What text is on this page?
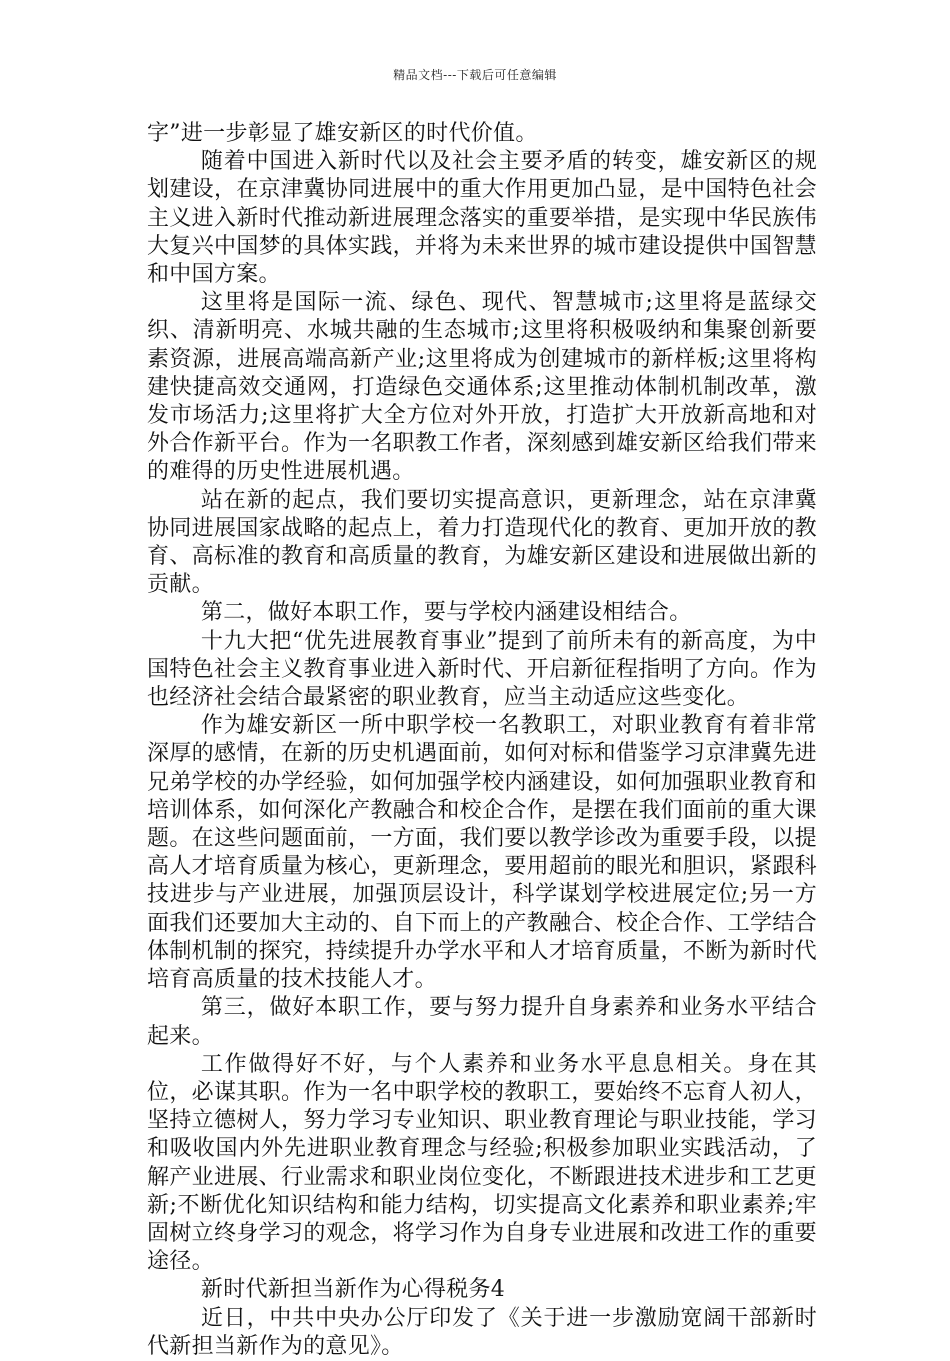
精品文档---下载后可任意编辑

字”进一步彰显了雄安新区的时代价值。

随着中国进入新时代以及社会主要矛盾的转变，雄安新区的规划建设，在京津冀协同进展中的重大作用更加凸显，是中国特色社会主义进入新时代推动新进展理念落实的重要举措，是实现中华民族伟大复兴中国梦的具体实践，并将为未来世界的城市建设提供中国智慧和中国方案。

这里将是国际一流、绿色、现代、智慧城市;这里将是蓝绿交织、清新明亮、水城共融的生态城市;这里将积极吸纳和集聚创新要素资源，进展高端高新产业;这里将成为创建城市的新样板;这里将构建快捷高效交通网，打造绿色交通体系;这里推动体制机制改革，激发市场活力;这里将扩大全方位对外开放，打造扩大开放新高地和对外合作新平台。作为一名职教工作者，深刻感到雄安新区给我们带来的难得的历史性进展机遇。

站在新的起点，我们要切实提高意识，更新理念，站在京津冀协同进展国家战略的起点上，着力打造现代化的教育、更加开放的教育、高标准的教育和高质量的教育，为雄安新区建设和进展做出新的贡献。

第二，做好本职工作，要与学校内涵建设相结合。

十九大把“优先进展教育事业”提到了前所未有的新高度，为中国特色社会主义教育事业进入新时代、开启新征程指明了方向。作为也经济社会结合最紧密的职业教育，应当主动适应这些变化。

作为雄安新区一所中职学校一名教职工，对职业教育有着非常深厚的感情，在新的历史机遇面前，如何对标和借鉴学习京津冀先进兄弟学校的办学经验，如何加强学校内涵建设，如何加强职业教育和培训体系，如何深化产教融合和校企合作，是摆在我们面前的重大课题。在这些问题面前，一方面，我们要以教学诊改为重要手段，以提高人才培育质量为核心，更新理念，要用超前的眼光和胆识，紧跟科技进步与产业进展，加强顶层设计，科学谋划学校进展定位;另一方面我们还要加大主动的、自下而上的产教融合、校企合作、工学结合体制机制的探究，持续提升办学水平和人才培育质量，不断为新时代培育高质量的技术技能人才。

第三，做好本职工作，要与努力提升自身素养和业务水平结合起来。

工作做得好不好，与个人素养和业务水平息息相关。身在其位，必谋其职。作为一名中职学校的教职工，要始终不忘育人初人，坚持立德树人，努力学习专业知识、职业教育理论与职业技能，学习和吸收国内外先进职业教育理念与经验;积极参加职业实践活动，了解产业进展、行业需求和职业岗位变化，不断跟进技术进步和工艺更新;不断优化知识结构和能力结构，切实提高文化素养和职业素养;牢固树立终身学习的观念，将学习作为自身专业进展和改进工作的重要途径。

新时代新担当新作为心得税务4

近日，中共中央办公厅印发了《关于进一步激励宽阔干部新时代新担当新作为的意见》。
